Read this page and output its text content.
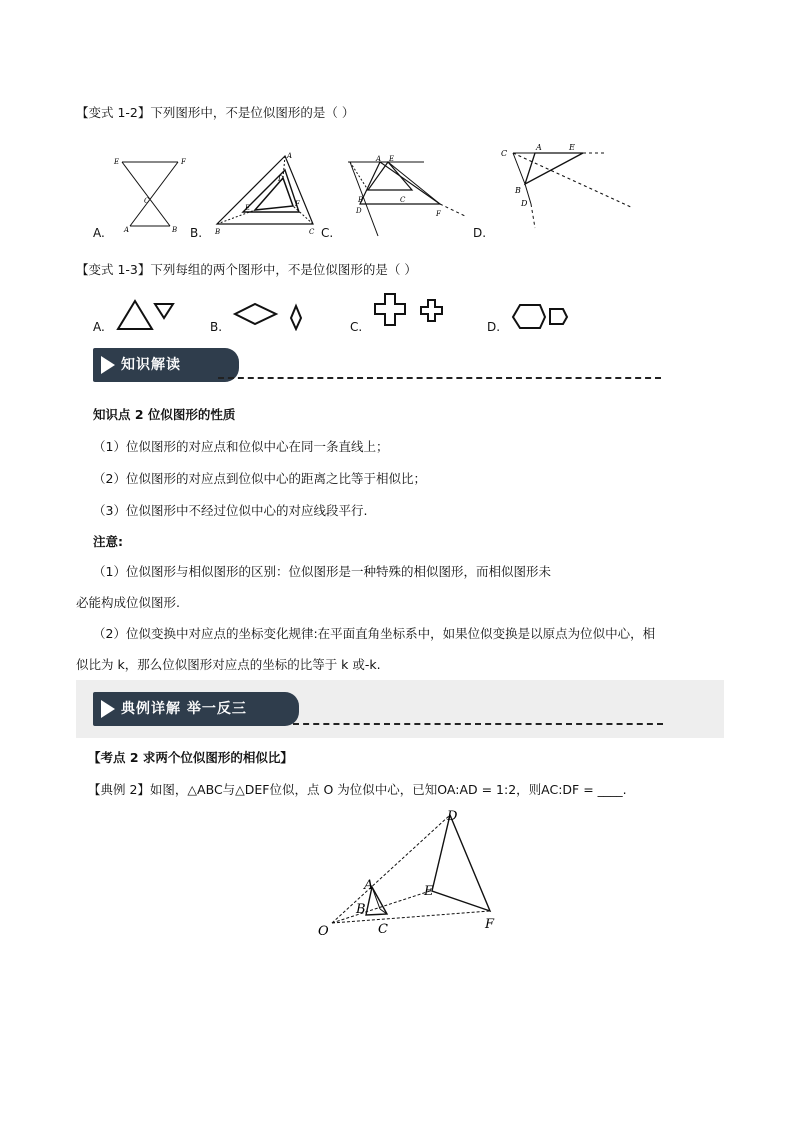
【变式 1-2】下列图形中，不是位似图形的是（ ）
E	F
C
A	B
A.
A
D
E	F
B	C
B.
A E
C
B
D	F
C.
C
A	E
B
D
D.
【变式 1-3】下列每组的两个图形中，不是位似图形的是（ ）
A.	B.	C.	D.
知识解读
知识点 2 位似图形的性质
（1）位似图形的对应点和位似中心在同一条直线上；
（2）位似图形的对应点到位似中心的距离之比等于相似比；
（3）位似图形中不经过位似中心的对应线段平行.
注意:
（1）位似图形与相似图形的区别：位似图形是一种特殊的相似图形，而相似图形未
必能构成位似图形.
（2）位似变换中对应点的坐标变化规律:在平面直角坐标系中，如果位似变换是以原点为位似中心，相
似比为 k，那么位似图形对应点的坐标的比等于 k 或-k.
典例详解 举一反三
【考点 2 求两个位似图形的相似比】
【典例 2】如图，△ABC与△DEF位似，点 O 为位似中心，已知OA:AD = 1:2，则AC:DF = ____.
D
A	E
B
O	C	F
